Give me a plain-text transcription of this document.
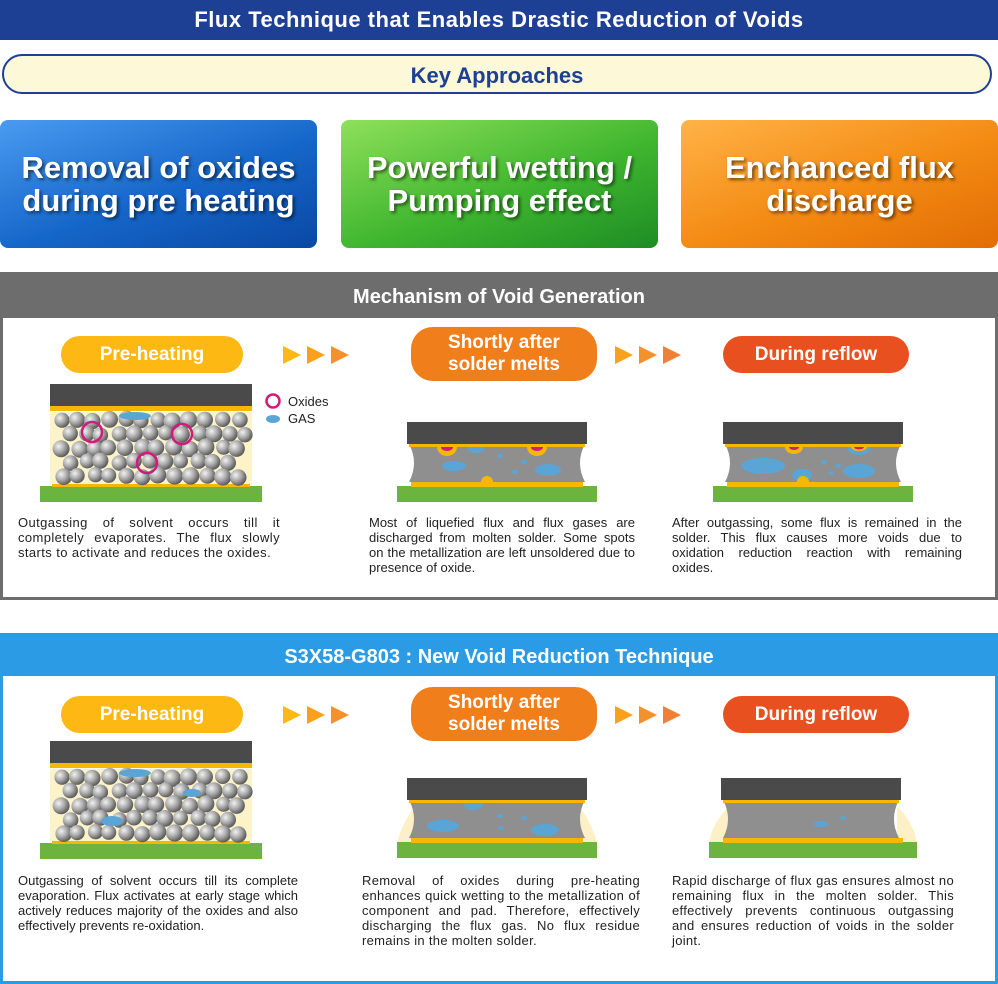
Flux Technique that Enables Drastic Reduction of Voids
Key Approaches
Removal of oxides
during pre heating
Powerful wetting /
Pumping effect
Enchanced flux
discharge
Mechanism of Void Generation
Pre-heating
Shortly after
solder melts	During reflow
Oxides
GAS
Outgassing of solvent occurs till it completely evaporates. The flux slowly starts to activate and reduces the oxides.
Most of liquefied flux and flux gases are discharged from molten solder. Some spots on the metallization are left unsoldered due to presence of oxide.
After outgassing, some flux is remained in the solder. This flux causes more voids due to oxidation reduction reaction with remaining oxides.
S3X58-G803 : New Void Reduction Technique
Pre-heating
Shortly after
solder melts	During reflow
Outgassing of solvent occurs till its complete evaporation. Flux activates at early stage which actively reduces majority of the oxides and also effectively prevents re-oxidation.
Removal of oxides during pre-heating enhances quick wetting to the metallization of component and pad. Therefore, effectively discharging the flux gas. No flux residue remains in the molten solder.
Rapid discharge of flux gas ensures almost no remaining flux in the molten solder. This effectively prevents continuous outgassing and ensures reduction of voids in the solder joint.
